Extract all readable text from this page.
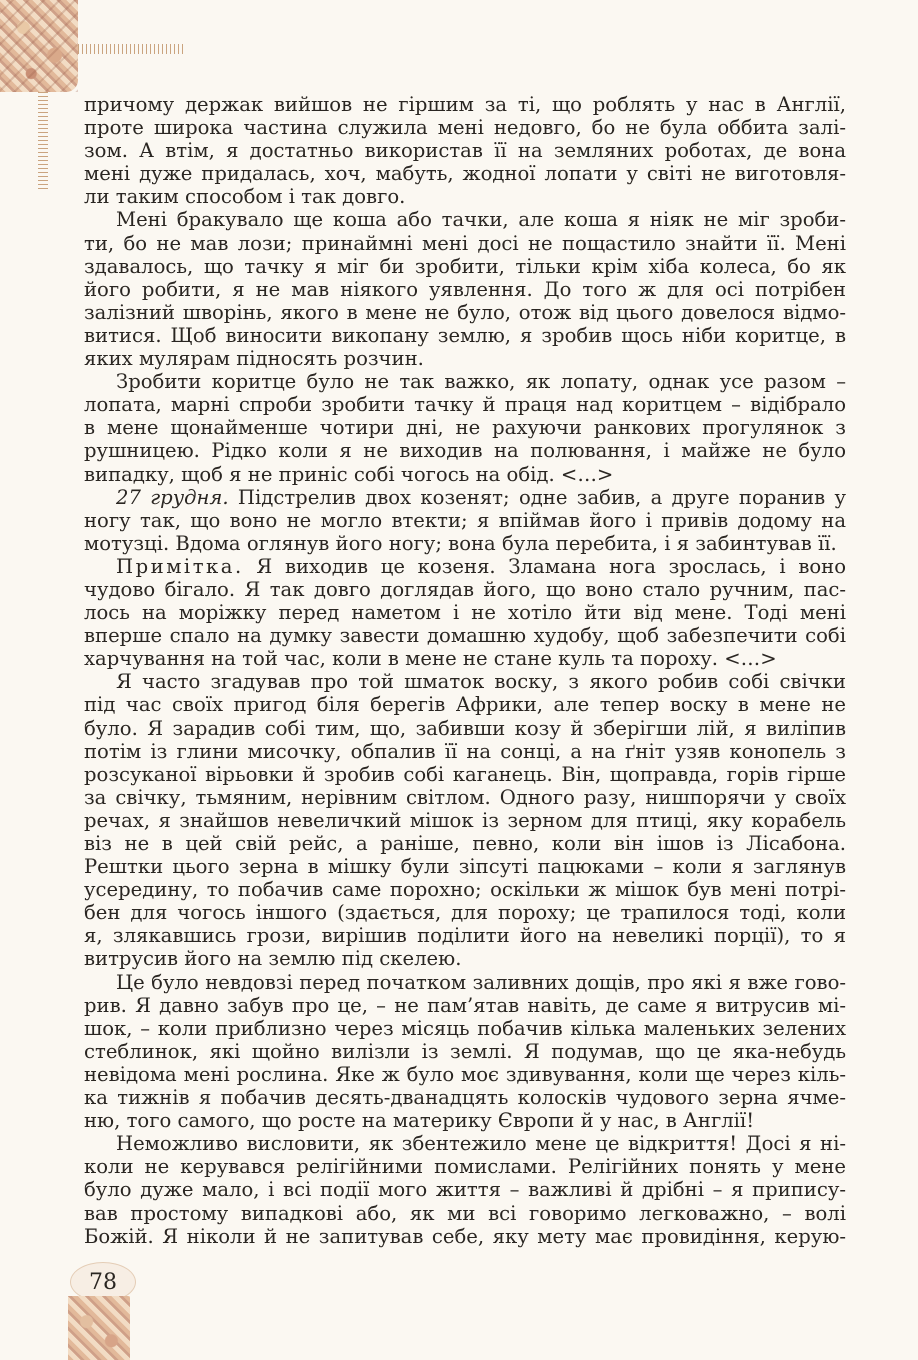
причому держак вийшов не гіршим за ті, що роблять у нас в Англії,
проте широка частина служила мені недовго, бо не була оббита залі-
зом. А втім, я достатньо використав її на земляних роботах, де вона
мені дуже придалась, хоч, мабуть, жодної лопати у світі не виготовля-
ли таким способом і так довго.
Мені бракувало ще коша або тачки, але коша я ніяк не міг зроби-
ти, бо не мав лози; принаймні мені досі не пощастило знайти її. Мені
здавалось, що тачку я міг би зробити, тільки крім хіба колеса, бо як
його робити, я не мав ніякого уявлення. До того ж для осі потрібен
залізний шворінь, якого в мене не було, отож від цього довелося відмо-
витися. Щоб виносити викопану землю, я зробив щось ніби коритце, в
яких мулярам підносять розчин.
Зробити коритце було не так важко, як лопату, однак усе разом –
лопата, марні спроби зробити тачку й праця над коритцем – відібрало
в мене щонайменше чотири дні, не рахуючи ранкових прогулянок з
рушницею. Рідко коли я не виходив на полювання, і майже не було
випадку, щоб я не приніс собі чогось на обід. <…>
27 грудня. Підстрелив двох козенят; одне забив, а друге поранив у
ногу так, що воно не могло втекти; я впіймав його і привів додому на
мотузці. Вдома оглянув його ногу; вона була перебита, і я забинтував її.
Примітка. Я виходив це козеня. Зламана нога зрослась, і воно
чудово бігало. Я так довго доглядав його, що воно стало ручним, пас-
лось на моріжку перед наметом і не хотіло йти від мене. Тоді мені
вперше спало на думку завести домашню худобу, щоб забезпечити собі
харчування на той час, коли в мене не стане куль та пороху. <…>
Я часто згадував про той шматок воску, з якого робив собі свічки
під час своїх пригод біля берегів Африки, але тепер воску в мене не
було. Я зарадив собі тим, що, забивши козу й зберігши лій, я виліпив
потім із глини мисочку, обпалив її на сонці, а на ґніт узяв конопель з
розсуканої вірьовки й зробив собі каганець. Він, щоправда, горів гірше
за свічку, тьмяним, нерівним світлом. Одного разу, нишпорячи у своїх
речах, я знайшов невеличкий мішок із зерном для птиці, яку корабель
віз не в цей свій рейс, а раніше, певно, коли він ішов із Лісабона.
Рештки цього зерна в мішку були зіпсуті пацюками – коли я заглянув
усередину, то побачив саме порохно; оскільки ж мішок був мені потрі-
бен для чогось іншого (здається, для пороху; це трапилося тоді, коли
я, злякавшись грози, вирішив поділити його на невеликі порції), то я
витрусив його на землю під скелею.
Це було невдовзі перед початком заливних дощів, про які я вже гово-
рив. Я давно забув про це, – не пам’ятав навіть, де саме я витрусив мі-
шок, – коли приблизно через місяць побачив кілька маленьких зелених
стеблинок, які щойно вилізли із землі. Я подумав, що це яка-небудь
невідома мені рослина. Яке ж було моє здивування, коли ще через кіль-
ка тижнів я побачив десять-дванадцять колосків чудового зерна ячме-
ню, того самого, що росте на материку Європи й у нас, в Англії!
Неможливо висловити, як збентежило мене це відкриття! Досі я ні-
коли не керувався релігійними помислами. Релігійних понять у мене
було дуже мало, і всі події мого життя – важливі й дрібні – я припису-
вав простому випадкові або, як ми всі говоримо легковажно, – волі
Божій. Я ніколи й не запитував себе, яку мету має провидіння, керую-
78
